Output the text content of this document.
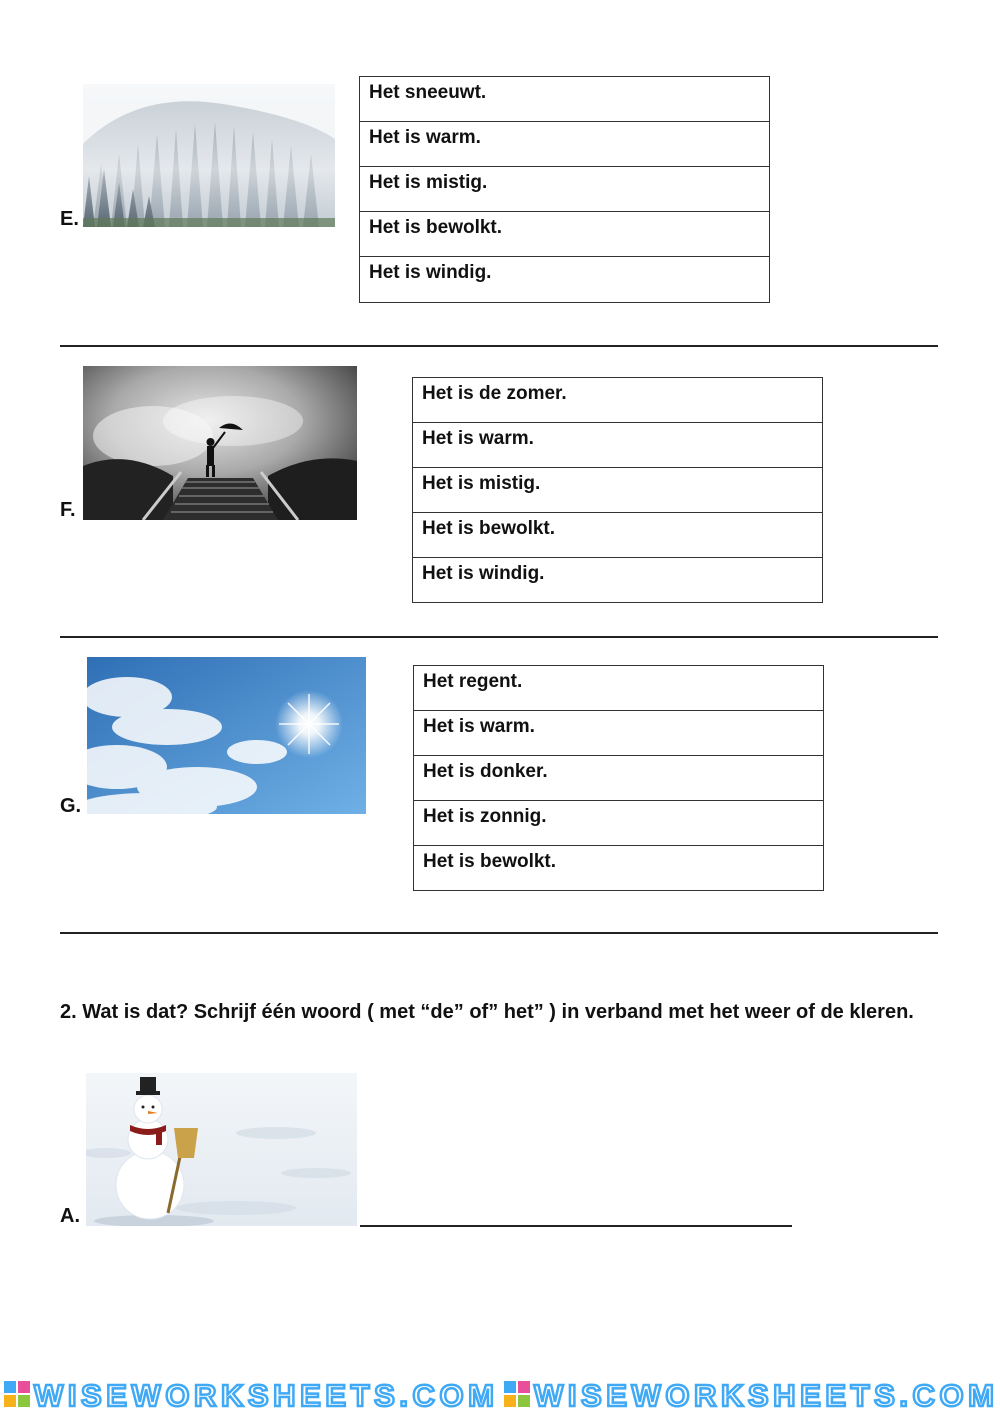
E.
Het sneeuwt.
Het is warm.
Het is mistig.
Het is bewolkt.
Het is windig.
F.
Het is de zomer.
Het is warm.
Het is mistig.
Het is bewolkt.
Het is windig.
G.
Het regent.
Het is warm.
Het is donker.
Het is zonnig.
Het is bewolkt.
2. Wat is dat? Schrijf één woord ( met “de” of” het” ) in verband met het weer of de kleren.
A.
WISEWORKSHEETS.COM WISEWORKSHEETS.COM
